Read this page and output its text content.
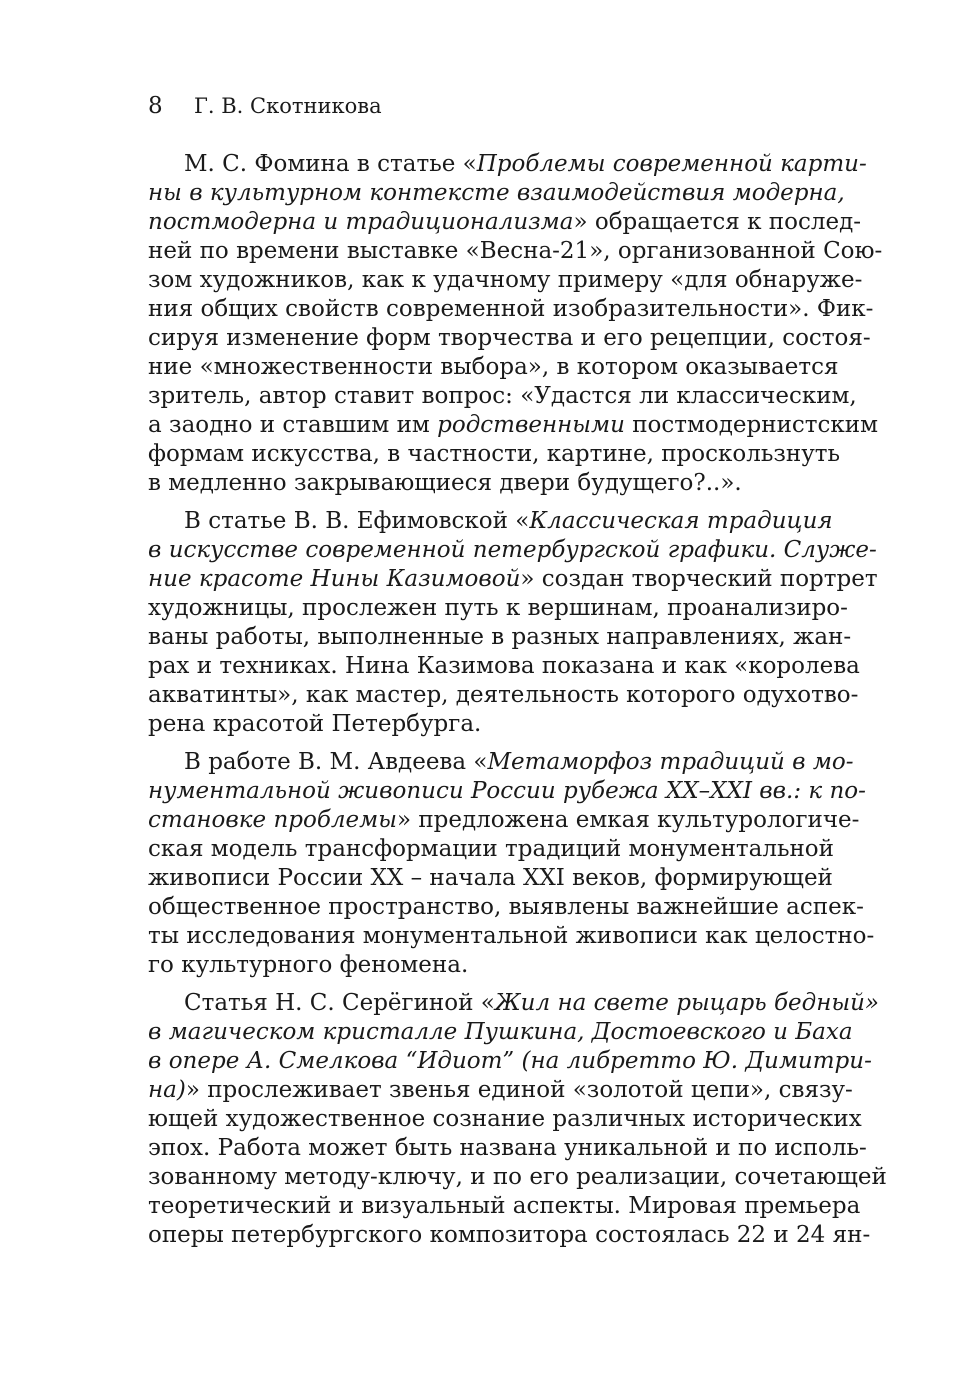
8 Г. В. Скотникова
М. С. Фомина в статье «Проблемы современной карти-
ны в культурном контексте взаимодействия модерна,
постмодерна и традиционализма» обращается к послед-
ней по времени выставке «Весна-21», организованной Сою-
зом художников, как к удачному примеру «для обнаруже-
ния общих свойств современной изобразительности». Фик-
сируя изменение форм творчества и его рецепции, состоя-
ние «множественности выбора», в котором оказывается
зритель, автор ставит вопрос: «Удастся ли классическим,
а заодно и ставшим им родственными постмодернистским
формам искусства, в частности, картине, проскользнуть
в медленно закрывающиеся двери будущего?..».
В статье В. В. Ефимовской «Классическая традиция
в искусстве современной петербургской графики. Служе-
ние красоте Нины Казимовой» создан творческий портрет
художницы, прослежен путь к вершинам, проанализиро-
ваны работы, выполненные в разных направлениях, жан-
рах и техниках. Нина Казимова показана и как «королева
акватинты», как мастер, деятельность которого одухотво-
рена красотой Петербурга.
В работе В. М. Авдеева «Метаморфоз традиций в мо-
нументальной живописи России рубежа XX–XXI вв.: к по-
становке проблемы» предложена емкая культурологиче-
ская модель трансформации традиций монументальной
живописи России XX – начала XXI веков, формирующей
общественное пространство, выявлены важнейшие аспек-
ты исследования монументальной живописи как целостно-
го культурного феномена.
Статья Н. С. Серёгиной «Жил на свете рыцарь бедный»
в магическом кристалле Пушкина, Достоевского и Баха
в опере А. Смелкова “Идиот” (на либретто Ю. Димитри-
на)» прослеживает звенья единой «золотой цепи», связу-
ющей художественное сознание различных исторических
эпох. Работа может быть названа уникальной и по исполь-
зованному методу-ключу, и по его реализации, сочетающей
теоретический и визуальный аспекты. Мировая премьера
оперы петербургского композитора состоялась 22 и 24 ян-
